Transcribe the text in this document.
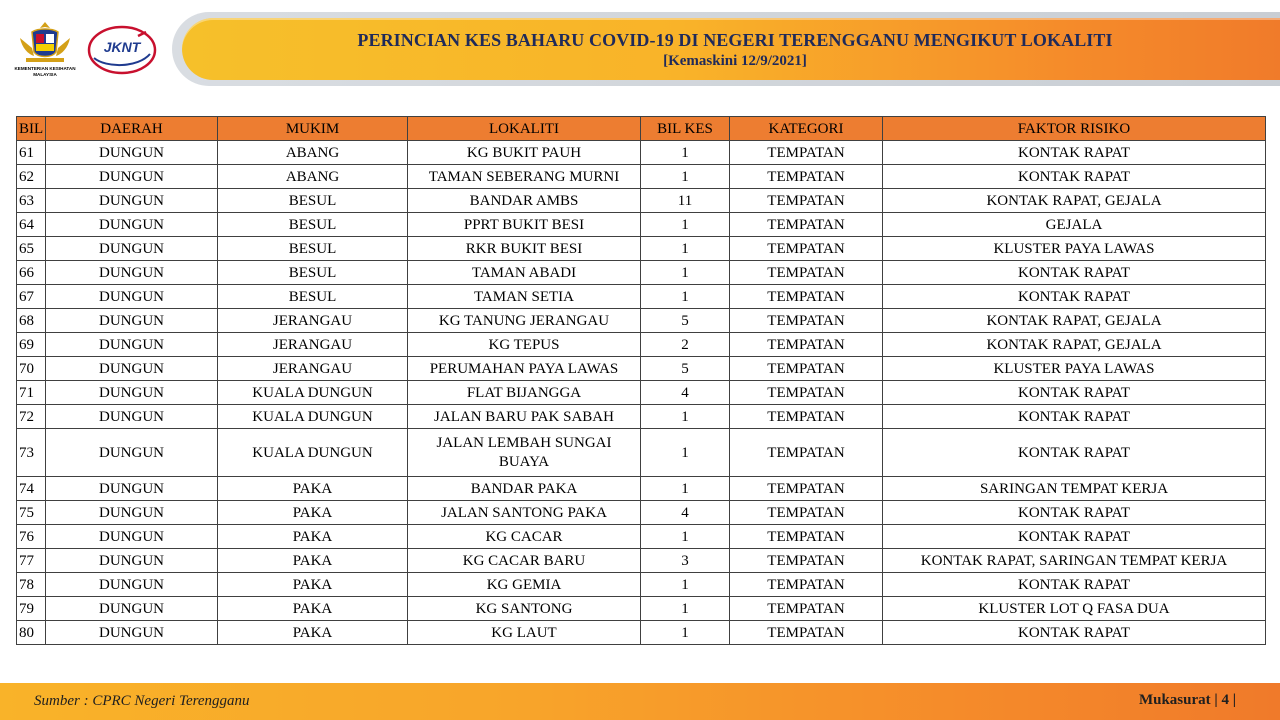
KEMENTERIAN KESIHATAN
MALAYSIA
JKNT	PERINCIAN KES BAHARU COVID-19 DI NEGERI TERENGGANU MENGIKUT LOKALITI
[Kemaskini 12/9/2021]
BIL	DAERAH	MUKIM	LOKALITI	BIL KES	KATEGORI	FAKTOR RISIKO
61	DUNGUN	ABANG	KG BUKIT PAUH	1	TEMPATAN	KONTAK RAPAT
62	DUNGUN	ABANG	TAMAN SEBERANG MURNI	1	TEMPATAN	KONTAK RAPAT
63	DUNGUN	BESUL	BANDAR AMBS	11	TEMPATAN	KONTAK RAPAT, GEJALA
64	DUNGUN	BESUL	PPRT BUKIT BESI	1	TEMPATAN	GEJALA
65	DUNGUN	BESUL	RKR BUKIT BESI	1	TEMPATAN	KLUSTER PAYA LAWAS
66	DUNGUN	BESUL	TAMAN ABADI	1	TEMPATAN	KONTAK RAPAT
67	DUNGUN	BESUL	TAMAN SETIA	1	TEMPATAN	KONTAK RAPAT
68	DUNGUN	JERANGAU	KG TANUNG JERANGAU	5	TEMPATAN	KONTAK RAPAT, GEJALA
69	DUNGUN	JERANGAU	KG TEPUS	2	TEMPATAN	KONTAK RAPAT, GEJALA
70	DUNGUN	JERANGAU	PERUMAHAN PAYA LAWAS	5	TEMPATAN	KLUSTER PAYA LAWAS
71	DUNGUN	KUALA DUNGUN	FLAT BIJANGGA	4	TEMPATAN	KONTAK RAPAT
72	DUNGUN	KUALA DUNGUN	JALAN BARU PAK SABAH	1	TEMPATAN	KONTAK RAPAT
73	DUNGUN	KUALA DUNGUN	JALAN LEMBAH SUNGAI BUAYA	1	TEMPATAN	KONTAK RAPAT
74	DUNGUN	PAKA	BANDAR PAKA	1	TEMPATAN	SARINGAN TEMPAT KERJA
75	DUNGUN	PAKA	JALAN SANTONG PAKA	4	TEMPATAN	KONTAK RAPAT
76	DUNGUN	PAKA	KG CACAR	1	TEMPATAN	KONTAK RAPAT
77	DUNGUN	PAKA	KG CACAR BARU	3	TEMPATAN	KONTAK RAPAT, SARINGAN TEMPAT KERJA
78	DUNGUN	PAKA	KG GEMIA	1	TEMPATAN	KONTAK RAPAT
79	DUNGUN	PAKA	KG SANTONG	1	TEMPATAN	KLUSTER LOT Q FASA DUA
80	DUNGUN	PAKA	KG LAUT	1	TEMPATAN	KONTAK RAPAT
Sumber : CPRC Negeri Terengganu	Mukasurat | 4 |
